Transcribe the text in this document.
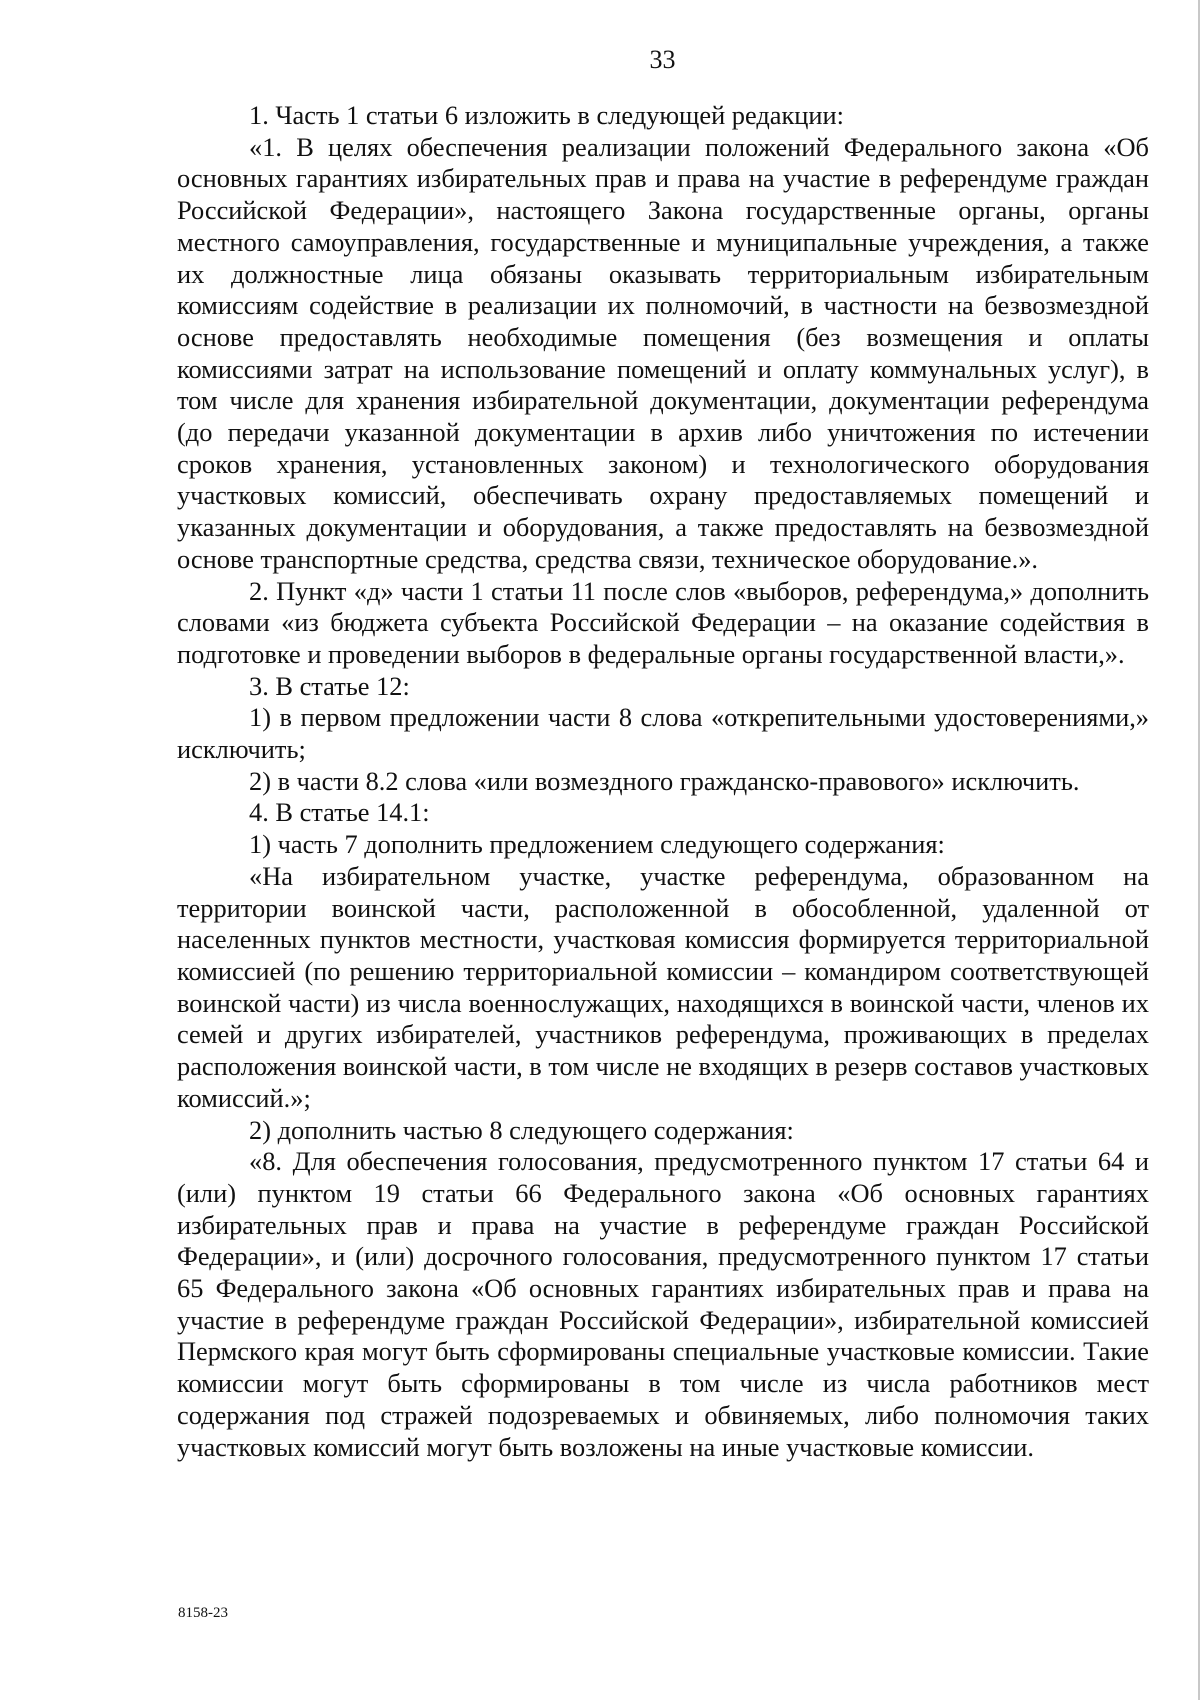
33

1. Часть 1 статьи 6 изложить в следующей редакции:

«1. В целях обеспечения реализации положений Федерального закона «Об основных гарантиях избирательных прав и права на участие в референдуме граждан Российской Федерации», настоящего Закона государственные органы, органы местного самоуправления, государственные и муниципальные учреждения, а также их должностные лица обязаны оказывать территориальным избирательным комиссиям содействие в реализации их полномочий, в частности на безвозмездной основе предоставлять необходимые помещения (без возмещения и оплаты комиссиями затрат на использование помещений и оплату коммунальных услуг), в том числе для хранения избирательной документации, документации референдума (до передачи указанной документации в архив либо уничтожения по истечении сроков хранения, установленных законом) и технологического оборудования участковых комиссий, обеспечивать охрану предоставляемых помещений и указанных документации и оборудования, а также предоставлять на безвозмездной основе транспортные средства, средства связи, техническое оборудование.».

2. Пункт «д» части 1 статьи 11 после слов «выборов, референдума,» дополнить словами «из бюджета субъекта Российской Федерации – на оказание содействия в подготовке и проведении выборов в федеральные органы государственной власти,».

3. В статье 12:

1) в первом предложении части 8 слова «открепительными удостоверениями,» исключить;

2) в части 8.2 слова «или возмездного гражданско-правового» исключить.

4. В статье 14.1:

1) часть 7 дополнить предложением следующего содержания:

«На избирательном участке, участке референдума, образованном на территории воинской части, расположенной в обособленной, удаленной от населенных пунктов местности, участковая комиссия формируется территориальной комиссией (по решению территориальной комиссии – командиром соответствующей воинской части) из числа военнослужащих, находящихся в воинской части, членов их семей и других избирателей, участников референдума, проживающих в пределах расположения воинской части, в том числе не входящих в резерв составов участковых комиссий.»;

2) дополнить частью 8 следующего содержания:

«8. Для обеспечения голосования, предусмотренного пунктом 17 статьи 64 и (или) пунктом 19 статьи 66 Федерального закона «Об основных гарантиях избирательных прав и права на участие в референдуме граждан Российской Федерации», и (или) досрочного голосования, предусмотренного пунктом 17 статьи 65 Федерального закона «Об основных гарантиях избирательных прав и права на участие в референдуме граждан Российской Федерации», избирательной комиссией Пермского края могут быть сформированы специальные участковые комиссии. Такие комиссии могут быть сформированы в том числе из числа работников мест содержания под стражей подозреваемых и обвиняемых, либо полномочия таких участковых комиссий могут быть возложены на иные участковые комиссии.

8158-23
